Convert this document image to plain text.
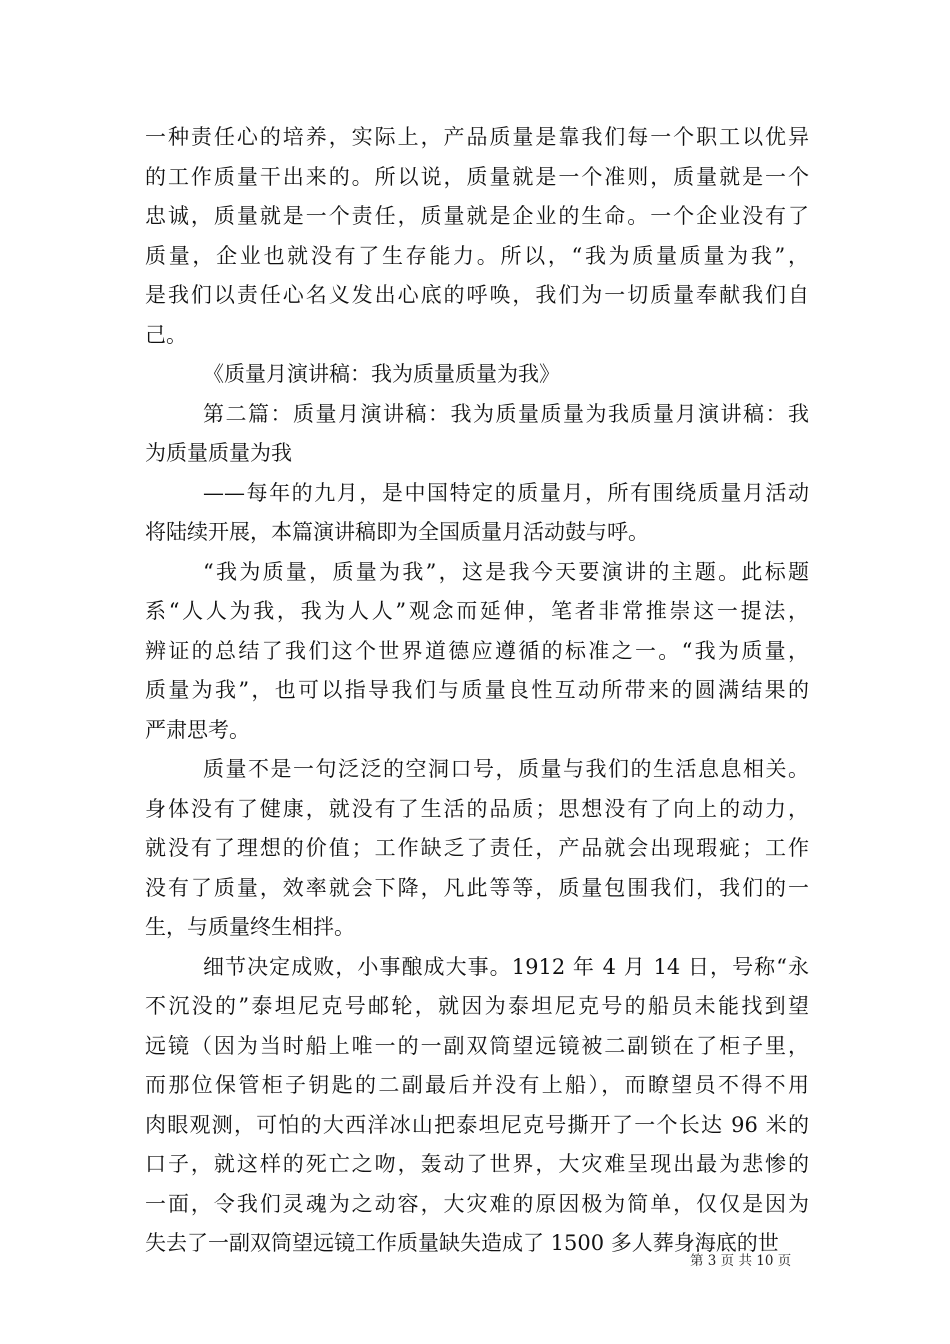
一种责任心的培养，实际上，产品质量是靠我们每一个职工以优异
的工作质量干出来的。所以说，质量就是一个准则，质量就是一个
忠诚，质量就是一个责任，质量就是企业的生命。一个企业没有了
质量，企业也就没有了生存能力。所以，“我为质量质量为我”，
是我们以责任心名义发出心底的呼唤，我们为一切质量奉献我们自
己。
《质量月演讲稿：我为质量质量为我》
第二篇：质量月演讲稿：我为质量质量为我质量月演讲稿：我
为质量质量为我
——每年的九月，是中国特定的质量月，所有围绕质量月活动
将陆续开展，本篇演讲稿即为全国质量月活动鼓与呼。
“我为质量，质量为我”，这是我今天要演讲的主题。此标题
系“人人为我，我为人人”观念而延伸，笔者非常推崇这一提法，
辨证的总结了我们这个世界道德应遵循的标准之一。“我为质量，
质量为我”，也可以指导我们与质量良性互动所带来的圆满结果的
严肃思考。
质量不是一句泛泛的空洞口号，质量与我们的生活息息相关。
身体没有了健康，就没有了生活的品质；思想没有了向上的动力，
就没有了理想的价值；工作缺乏了责任，产品就会出现瑕疵；工作
没有了质量，效率就会下降，凡此等等，质量包围我们，我们的一
生，与质量终生相拌。
细节决定成败，小事酿成大事。1912 年 4 月 14 日，号称“永
不沉没的”泰坦尼克号邮轮，就因为泰坦尼克号的船员未能找到望
远镜（因为当时船上唯一的一副双筒望远镜被二副锁在了柜子里，
而那位保管柜子钥匙的二副最后并没有上船），而瞭望员不得不用
肉眼观测，可怕的大西洋冰山把泰坦尼克号撕开了一个长达 96 米的
口子，就这样的死亡之吻，轰动了世界，大灾难呈现出最为悲惨的
一面，令我们灵魂为之动容，大灾难的原因极为简单，仅仅是因为
失去了一副双筒望远镜工作质量缺失造成了 1500 多人葬身海底的世
第 3 页 共 10 页
